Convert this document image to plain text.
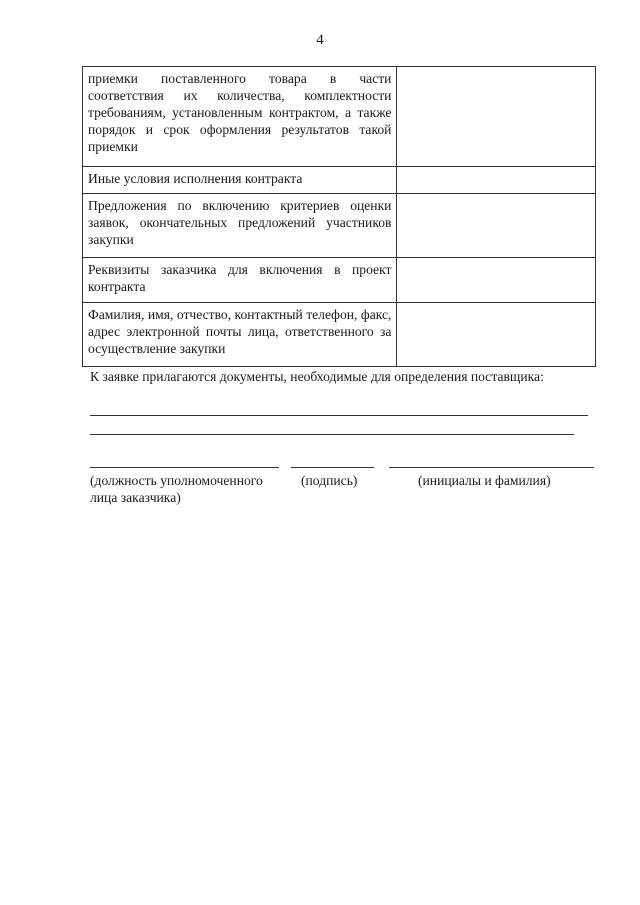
4
приемки поставленного товара в части соответствия их количества, комплектности требованиям, установленным контрактом, а также порядок и срок оформления результатов такой приемки	
Иные условия исполнения контракта	
Предложения по включению критериев оценки заявок, окончательных предложений участников закупки	
Реквизиты заказчика для включения в проект контракта	
Фамилия, имя, отчество, контактный телефон, факс, адрес электронной почты лица, ответственного за осуществление закупки	
К заявке прилагаются документы, необходимые для определения поставщика:
(должность уполномоченного лица заказчика)
(подпись)	(инициалы и фамилия)
